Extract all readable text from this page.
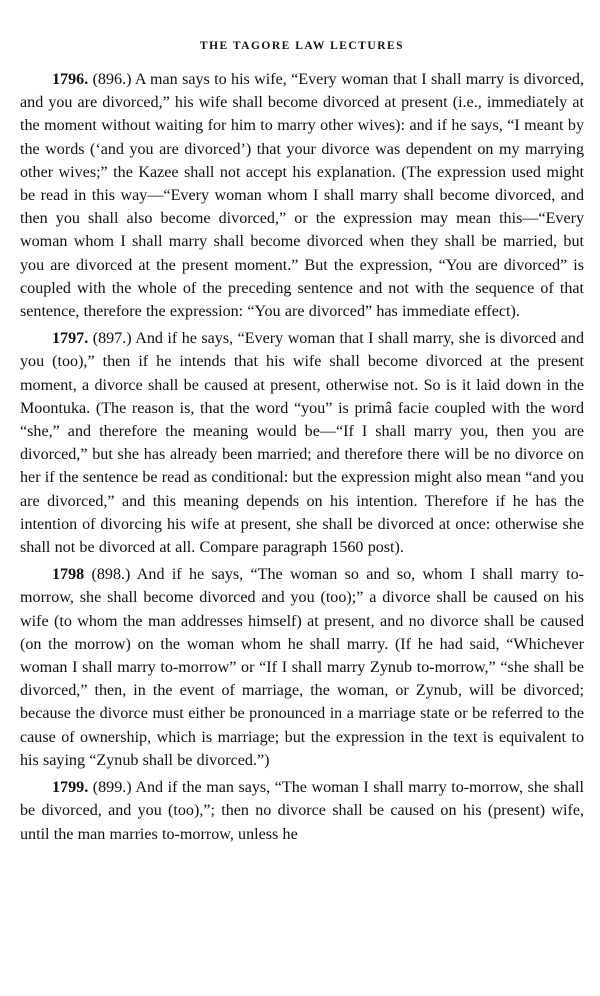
THE TAGORE LAW LECTURES

1796. (896.) A man says to his wife, “Every woman that I shall marry is divorced, and you are divorced,” his wife shall become divorced at present (i.e., immediately at the moment without waiting for him to marry other wives): and if he says, “I meant by the words (‘and you are divorced’) that your divorce was dependent on my marrying other wives;” the Kazee shall not accept his explanation. (The expression used might be read in this way—“Every woman whom I shall marry shall become divorced, and then you shall also become divorced,” or the expression may mean this—“Every woman whom I shall marry shall become divorced when they shall be married, but you are divorced at the present moment.” But the expression, “You are divorced” is coupled with the whole of the preceding sentence and not with the sequence of that sentence, therefore the expression: “You are divorced” has immediate effect).

1797. (897.) And if he says, “Every woman that I shall marry, she is divorced and you (too),” then if he intends that his wife shall become divorced at the present moment, a divorce shall be caused at present, otherwise not. So is it laid down in the Moontuka. (The reason is, that the word “you” is primâ facie coupled with the word “she,” and therefore the meaning would be—“If I shall marry you, then you are divorced,” but she has already been married; and therefore there will be no divorce on her if the sentence be read as conditional: but the expression might also mean “and you are divorced,” and this meaning depends on his intention. Therefore if he has the intention of divorcing his wife at present, she shall be divorced at once: otherwise she shall not be divorced at all. Compare paragraph 1560 post).

1798 (898.) And if he says, “The woman so and so, whom I shall marry to-morrow, she shall become divorced and you (too);” a divorce shall be caused on his wife (to whom the man addresses himself) at present, and no divorce shall be caused (on the morrow) on the woman whom he shall marry. (If he had said, “Whichever woman I shall marry to-morrow” or “If I shall marry Zynub to-morrow,” “she shall be divorced,” then, in the event of marriage, the woman, or Zynub, will be divorced; because the divorce must either be pronounced in a marriage state or be referred to the cause of ownership, which is marriage; but the expression in the text is equivalent to his saying “Zynub shall be divorced.”)

1799. (899.) And if the man says, “The woman I shall marry to-morrow, she shall be divorced, and you (too),”; then no divorce shall be caused on his (present) wife, until the man marries to-morrow, unless he
